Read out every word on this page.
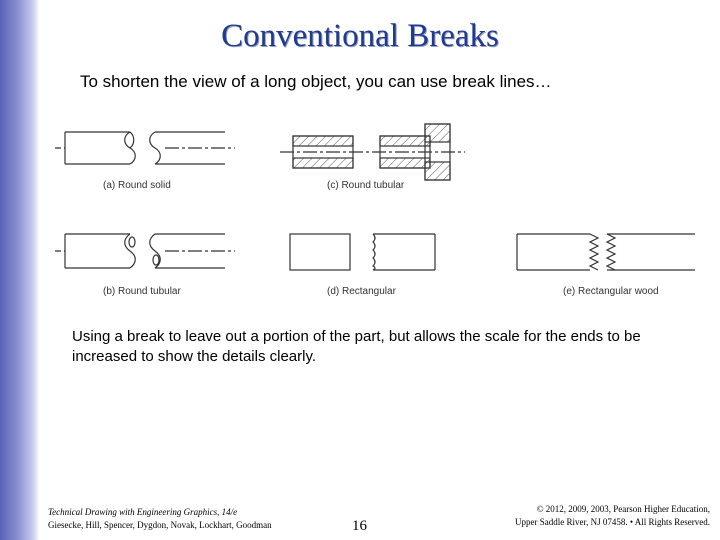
Conventional Breaks
To shorten the view of a long object, you can use break lines…
(a) Round solid	(c) Round tubular
(b) Round tubular	(d) Rectangular	(e) Rectangular wood
Using a break to leave out a portion of the part, but allows the scale for the ends to be increased to show the details clearly.
Technical Drawing with Engineering Graphics, 14/e
Giesecke, Hill, Spencer, Dygdon, Novak, Lockhart, Goodman	16
© 2012, 2009, 2003, Pearson Higher Education,
Upper Saddle River, NJ 07458. • All Rights Reserved.
